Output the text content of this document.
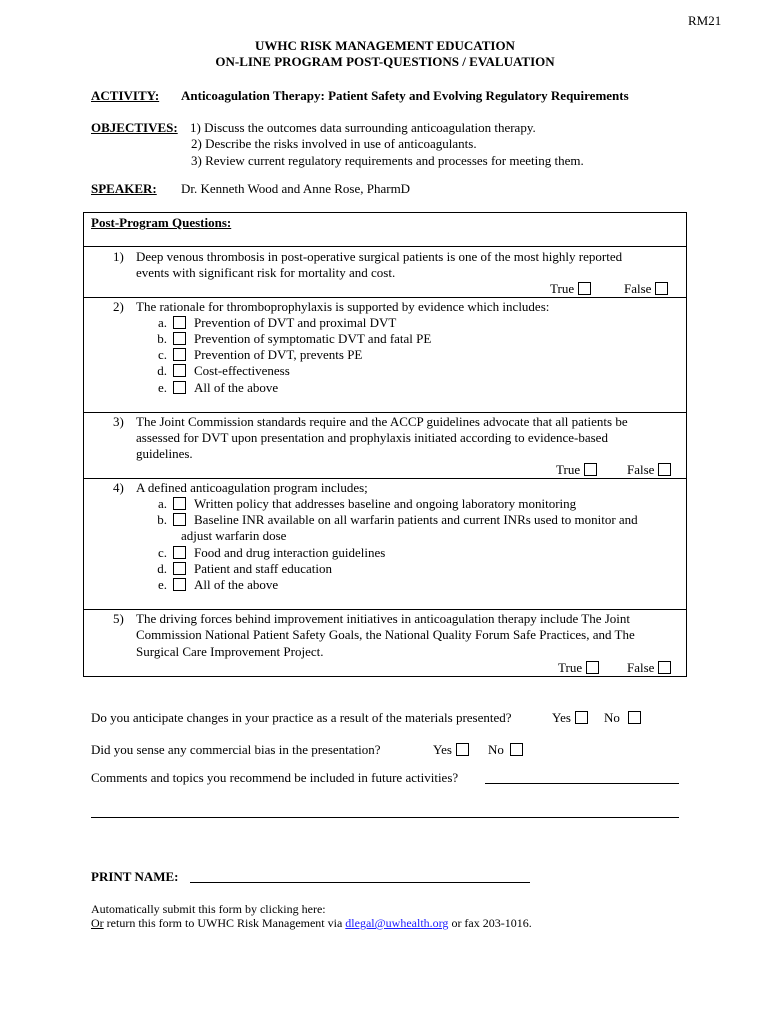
RM21
UWHC RISK MANAGEMENT EDUCATION
ON-LINE PROGRAM POST-QUESTIONS / EVALUATION
ACTIVITY: Anticoagulation Therapy: Patient Safety and Evolving Regulatory Requirements
OBJECTIVES: 1) Discuss the outcomes data surrounding anticoagulation therapy.
2) Describe the risks involved in use of anticoagulants.
3) Review current regulatory requirements and processes for meeting them.
SPEAKER: Dr. Kenneth Wood and Anne Rose, PharmD
Post-Program Questions:
1) Deep venous thrombosis in post-operative surgical patients is one of the most highly reported
events with significant risk for mortality and cost.
True	False
2) The rationale for thromboprophylaxis is supported by evidence which includes:
a. Prevention of DVT and proximal DVT
b. Prevention of symptomatic DVT and fatal PE
c. Prevention of DVT, prevents PE
d. Cost-effectiveness
e. All of the above
3) The Joint Commission standards require and the ACCP guidelines advocate that all patients be
assessed for DVT upon presentation and prophylaxis initiated according to evidence-based
guidelines.
True	False
4) A defined anticoagulation program includes;
a. Written policy that addresses baseline and ongoing laboratory monitoring
b. Baseline INR available on all warfarin patients and current INRs used to monitor and
adjust warfarin dose
c. Food and drug interaction guidelines
d. Patient and staff education
e. All of the above
5) The driving forces behind improvement initiatives in anticoagulation therapy include The Joint
Commission National Patient Safety Goals, the National Quality Forum Safe Practices, and The
Surgical Care Improvement Project.
True	False
Do you anticipate changes in your practice as a result of the materials presented?	Yes	No
Did you sense any commercial bias in the presentation?	Yes	No
Comments and topics you recommend be included in future activities?
PRINT NAME:
Automatically submit this form by clicking here:
Or return this form to UWHC Risk Management via dlegal@uwhealth.org or fax 203-1016.
